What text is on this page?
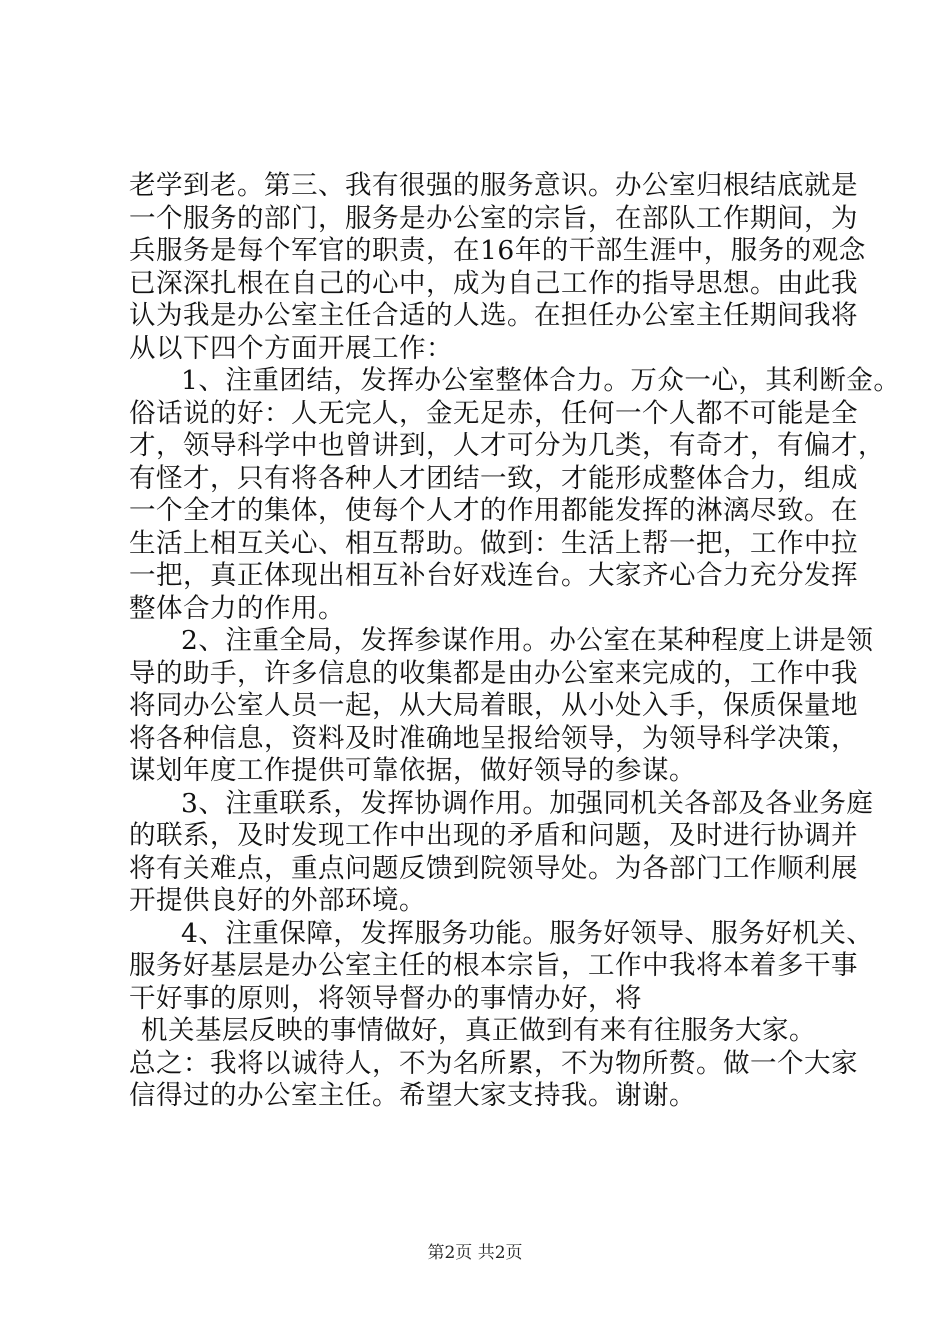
老学到老。第三、我有很强的服务意识。办公室归根结底就是
一个服务的部门，服务是办公室的宗旨，在部队工作期间，为
兵服务是每个军官的职责，在16年的干部生涯中，服务的观念
已深深扎根在自己的心中，成为自己工作的指导思想。由此我
认为我是办公室主任合适的人选。在担任办公室主任期间我将
从以下四个方面开展工作：
1、注重团结，发挥办公室整体合力。万众一心，其利断金。
俗话说的好：人无完人，金无足赤，任何一个人都不可能是全
才，领导科学中也曾讲到，人才可分为几类，有奇才，有偏才，
有怪才，只有将各种人才团结一致，才能形成整体合力，组成
一个全才的集体，使每个人才的作用都能发挥的淋漓尽致。在
生活上相互关心、相互帮助。做到：生活上帮一把，工作中拉
一把，真正体现出相互补台好戏连台。大家齐心合力充分发挥
整体合力的作用。
2、注重全局，发挥参谋作用。办公室在某种程度上讲是领
导的助手，许多信息的收集都是由办公室来完成的，工作中我
将同办公室人员一起，从大局着眼，从小处入手，保质保量地
将各种信息，资料及时准确地呈报给领导，为领导科学决策，
谋划年度工作提供可靠依据，做好领导的参谋。
3、注重联系，发挥协调作用。加强同机关各部及各业务庭
的联系，及时发现工作中出现的矛盾和问题，及时进行协调并
将有关难点，重点问题反馈到院领导处。为各部门工作顺利展
开提供良好的外部环境。
4、注重保障，发挥服务功能。服务好领导、服务好机关、
服务好基层是办公室主任的根本宗旨，工作中我将本着多干事
干好事的原则，将领导督办的事情办好，将
机关基层反映的事情做好，真正做到有来有往服务大家。
总之：我将以诚待人，不为名所累，不为物所赘。做一个大家
信得过的办公室主任。希望大家支持我。谢谢。
第2页 共2页
